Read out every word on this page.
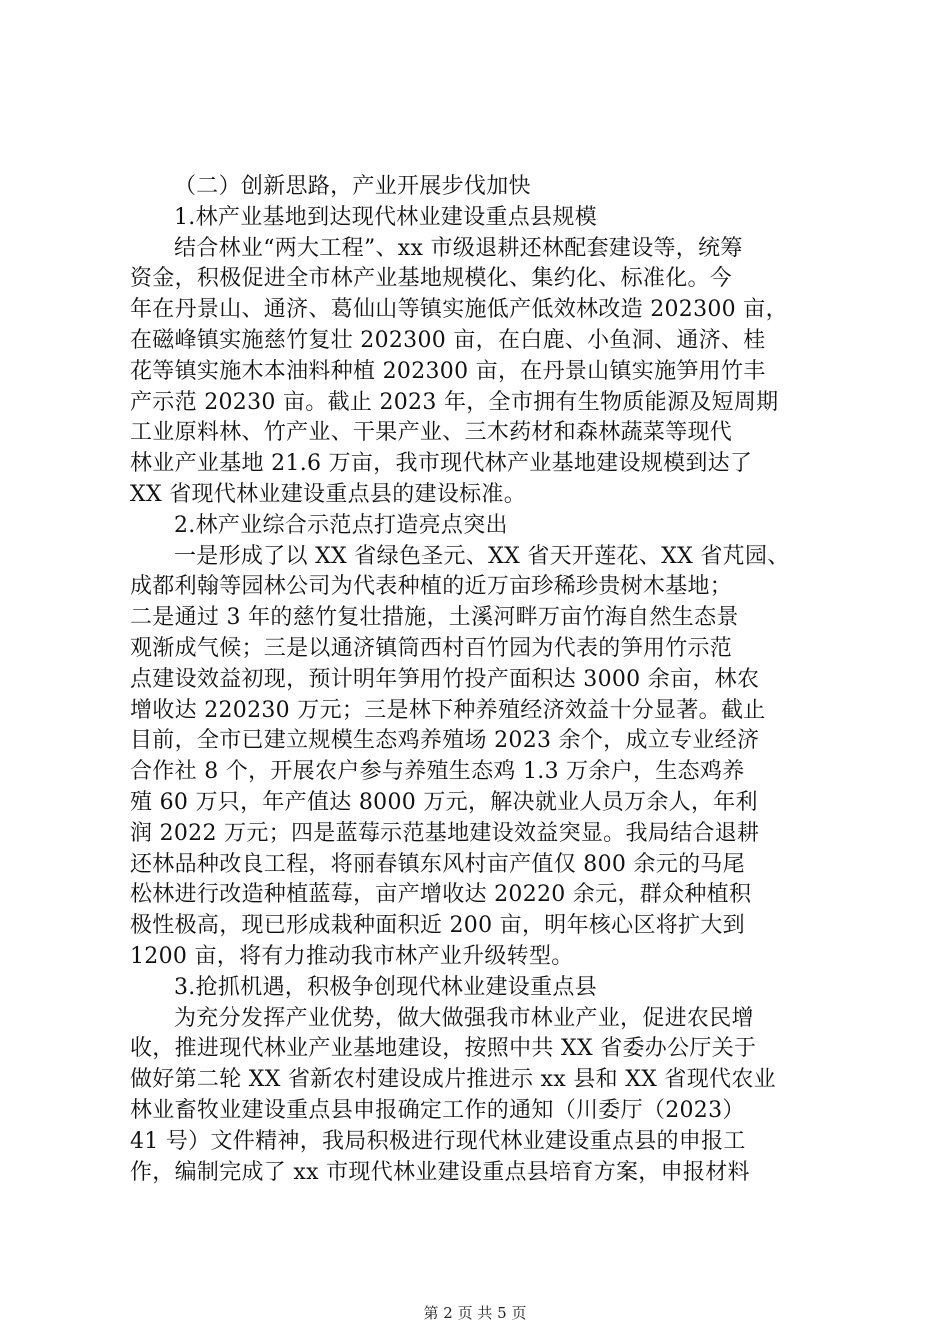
（二）创新思路，产业开展步伐加快
1.林产业基地到达现代林业建设重点县规模
结合林业“两大工程”、xx 市级退耕还林配套建设等，统筹
资金，积极促进全市林产业基地规模化、集约化、标准化。今
年在丹景山、通济、葛仙山等镇实施低产低效林改造 202300 亩，
在磁峰镇实施慈竹复壮 202300 亩，在白鹿、小鱼洞、通济、桂
花等镇实施木本油料种植 202300 亩，在丹景山镇实施笋用竹丰
产示范 20230 亩。截止 2023 年，全市拥有生物质能源及短周期
工业原料林、竹产业、干果产业、三木药材和森林蔬菜等现代
林业产业基地 21.6 万亩，我市现代林产业基地建设规模到达了
XX 省现代林业建设重点县的建设标准。
2.林产业综合示范点打造亮点突出
一是形成了以 XX 省绿色圣元、XX 省天开莲花、XX 省芃园、
成都利翰等园林公司为代表种植的近万亩珍稀珍贵树木基地；
二是通过 3 年的慈竹复壮措施，土溪河畔万亩竹海自然生态景
观渐成气候；三是以通济镇筒西村百竹园为代表的笋用竹示范
点建设效益初现，预计明年笋用竹投产面积达 3000 余亩，林农
增收达 220230 万元；三是林下种养殖经济效益十分显著。截止
目前，全市已建立规模生态鸡养殖场 2023 余个，成立专业经济
合作社 8 个，开展农户参与养殖生态鸡 1.3 万余户，生态鸡养
殖 60 万只，年产值达 8000 万元，解决就业人员万余人，年利
润 2022 万元；四是蓝莓示范基地建设效益突显。我局结合退耕
还林品种改良工程，将丽春镇东风村亩产值仅 800 余元的马尾
松林进行改造种植蓝莓，亩产增收达 20220 余元，群众种植积
极性极高，现已形成栽种面积近 200 亩，明年核心区将扩大到
1200 亩，将有力推动我市林产业升级转型。
3.抢抓机遇，积极争创现代林业建设重点县
为充分发挥产业优势，做大做强我市林业产业，促进农民增
收，推进现代林业产业基地建设，按照中共 XX 省委办公厅关于
做好第二轮 XX 省新农村建设成片推进示 xx 县和 XX 省现代农业
林业畜牧业建设重点县申报确定工作的通知（川委厅（2023）
41 号）文件精神，我局积极进行现代林业建设重点县的申报工
作，编制完成了 xx 市现代林业建设重点县培育方案，申报材料
第 2 页 共 5 页
